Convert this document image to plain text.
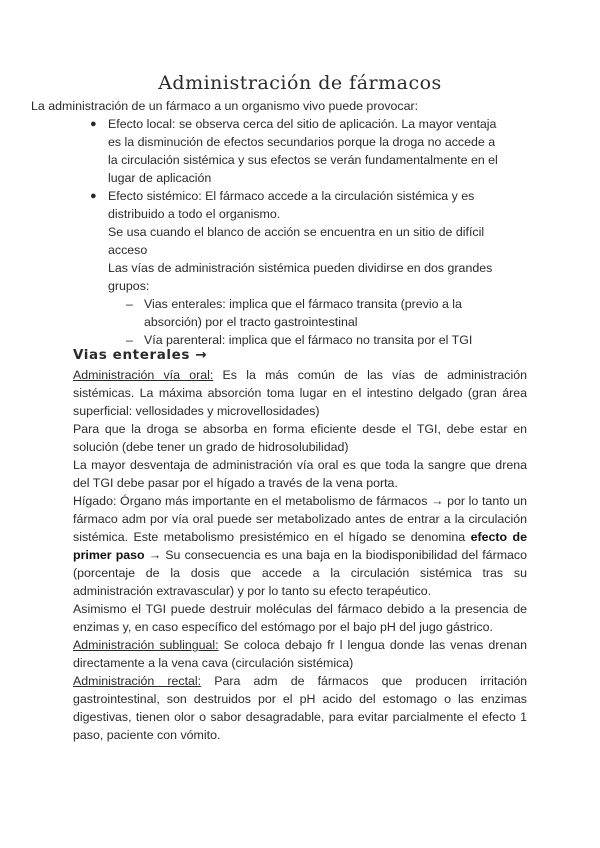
Administración de fármacos
La administración de un fármaco a un organismo vivo puede provocar:
● Efecto local: se observa cerca del sitio de aplicación. La mayor ventaja es la disminución de efectos secundarios porque la droga no accede a la circulación sistémica y sus efectos se verán fundamentalmente en el lugar de aplicación
● Efecto sistémico: El fármaco accede a la circulación sistémica y es distribuido a todo el organismo.
Se usa cuando el blanco de acción se encuentra en un sitio de difícil acceso
Las vías de administración sistémica pueden dividirse en dos grandes grupos:
– Vias enterales: implica que el fármaco transita (previo a la absorción) por el tracto gastrointestinal
– Vía parenteral: implica que el fármaco no transita por el TGI
Vias enterales →

Administración vía oral: Es la más común de las vías de administración sistémicas. La máxima absorción toma lugar en el intestino delgado (gran área superficial: vellosidades y microvellosidades)

Para que la droga se absorba en forma eficiente desde el TGI, debe estar en solución (debe tener un grado de hidrosolubilidad)

La mayor desventaja de administración vía oral es que toda la sangre que drena del TGI debe pasar por el hígado a través de la vena porta.

Hígado: Órgano más importante en el metabolismo de fármacos → por lo tanto un fármaco adm por vía oral puede ser metabolizado antes de entrar a la circulación sistémica. Este metabolismo presistémico en el hígado se denomina efecto de primer paso → Su consecuencia es una baja en la biodisponibilidad del fármaco (porcentaje de la dosis que accede a la circulación sistémica tras su administración extravascular) y por lo tanto su efecto terapéutico.

Asimismo el TGI puede destruir moléculas del fármaco debido a la presencia de enzimas y, en caso específico del estómago por el bajo pH del jugo gástrico.

Administración sublingual: Se coloca debajo fr l lengua donde las venas drenan directamente a la vena cava (circulación sistémica)

Administración rectal: Para adm de fármacos que producen irritación gastrointestinal, son destruidos por el pH acido del estomago o las enzimas digestivas, tienen olor o sabor desagradable, para evitar parcialmente el efecto 1 paso, paciente con vómito.
